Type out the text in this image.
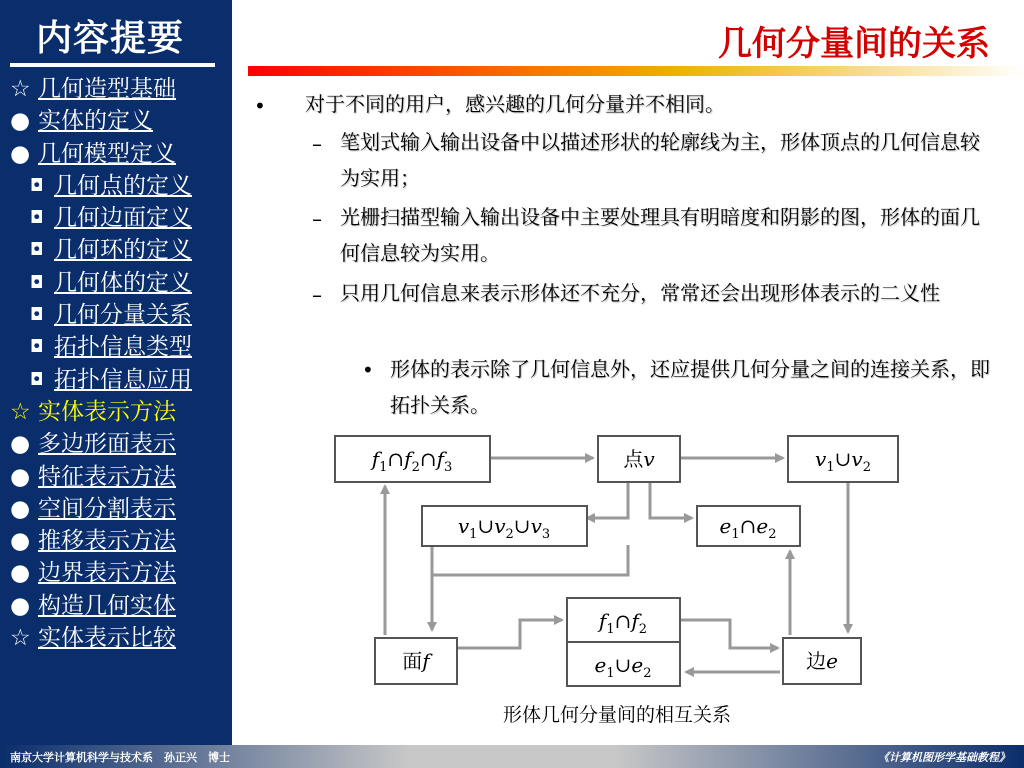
内容提要
☆ 几何造型基础
● 实体的定义
● 几何模型定义
◘ 几何点的定义
◘ 几何边面定义
◘ 几何环的定义
◘ 几何体的定义
◘ 几何分量关系
◘ 拓扑信息类型
◘ 拓扑信息应用
☆ 实体表示方法
● 多边形面表示
● 特征表示方法
● 空间分割表示
● 推移表示方法
● 边界表示方法
● 构造几何实体
☆ 实体表示比较
几何分量间的关系
• 对于不同的用户，感兴趣的几何分量并不相同。
– 笔划式输入输出设备中以描述形状的轮廓线为主，形体顶点的几何信息较为实用；
– 光栅扫描型输入输出设备中主要处理具有明暗度和阴影的图，形体的面几何信息较为实用。
– 只用几何信息来表示形体还不充分，常常还会出现形体表示的二义性
• 形体的表示除了几何信息外，还应提供几何分量之间的连接关系，即拓扑关系。
$f_1\cap f_2\cap f_3$	点v	$v_1\cup v_2$
$v_1\cup v_2\cup v_3$	$e_1\cap e_2$
$f_1\cap f_2$
$e_1\cup e_2$
面f	边e
形体几何分量间的相互关系
南京大学计算机科学与技术系　孙正兴　博士	《计算机图形学基础教程》
